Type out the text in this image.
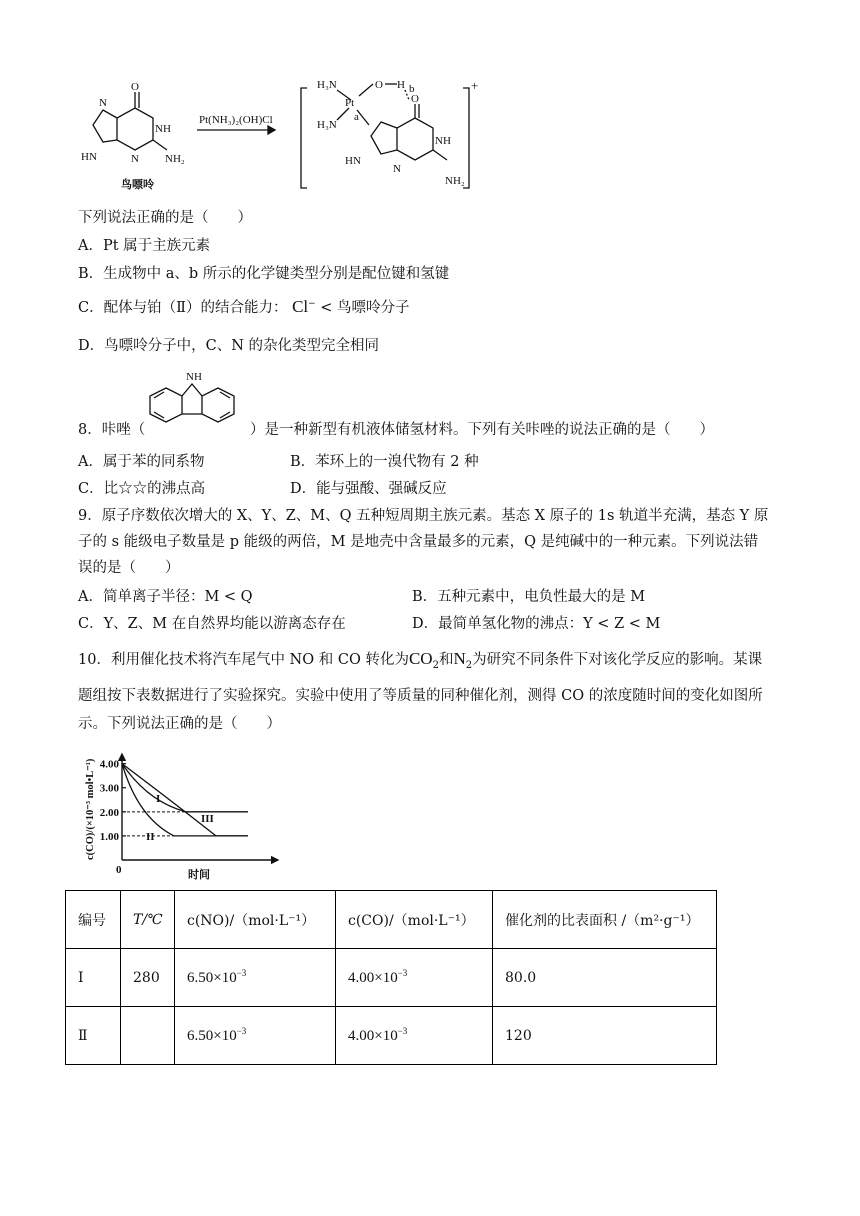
O
NH
N
N
HN	NH₂
鸟嘌呤
Pt(NH₃)₂(OH)Cl
H₃N
H₃N
Pt
O H
a
b
O
NH
HN
NH₂
N
+
下列说法正确的是（　　）
A．Pt 属于主族元素
B．生成物中 a、b 所示的化学键类型分别是配位键和氢键
C．配体与铂（Ⅱ）的结合能力： Cl− < 鸟嘌呤分子
D．鸟嘌呤分子中，C、N 的杂化类型完全相同
8．咔唑（
NH
）是一种新型有机液体储氢材料。下列有关咔唑的说法正确的是（　　）
A．属于苯的同系物	B．苯环上的一溴代物有 2 种
C．比☆☆的沸点高	D．能与强酸、强碱反应
9．原子序数依次增大的 X、Y、Z、M、Q 五种短周期主族元素。基态 X 原子的 1s 轨道半充满，基态 Y 原
子的 s 能级电子数量是 p 能级的两倍，M 是地壳中含量最多的元素，Q 是纯碱中的一种元素。下列说法错
误的是（　　）
A．简单离子半径：M < Q	B．五种元素中，电负性最大的是 M
C．Y、Z、M 在自然界均能以游离态存在	D．最简单氢化物的沸点：Y < Z < M
10．利用催化技术将汽车尾气中 NO 和 CO 转化为$CO_2$和$N_2$为研究不同条件下对该化学反应的影响。某课
题组按下表数据进行了实验探究。实验中使用了等质量的同种催化剂，测得 CO 的浓度随时间的变化如图所
示。下列说法正确的是（　　）
c(CO)/(×10⁻³ mol•L⁻¹)
时间
0
4.00
3.00
2.00
1.00
I
II
III
编号	T/℃	c(NO)/（mol·L⁻¹）	c(CO)/（mol·L⁻¹）	催化剂的比表面积 /（m²·g⁻¹）
Ⅰ	280	$6.50\times 10^{-3}$	$4.00\times 10^{-3}$	80.0
Ⅱ		$6.50\times 10^{-3}$	$4.00\times 10^{-3}$	120
